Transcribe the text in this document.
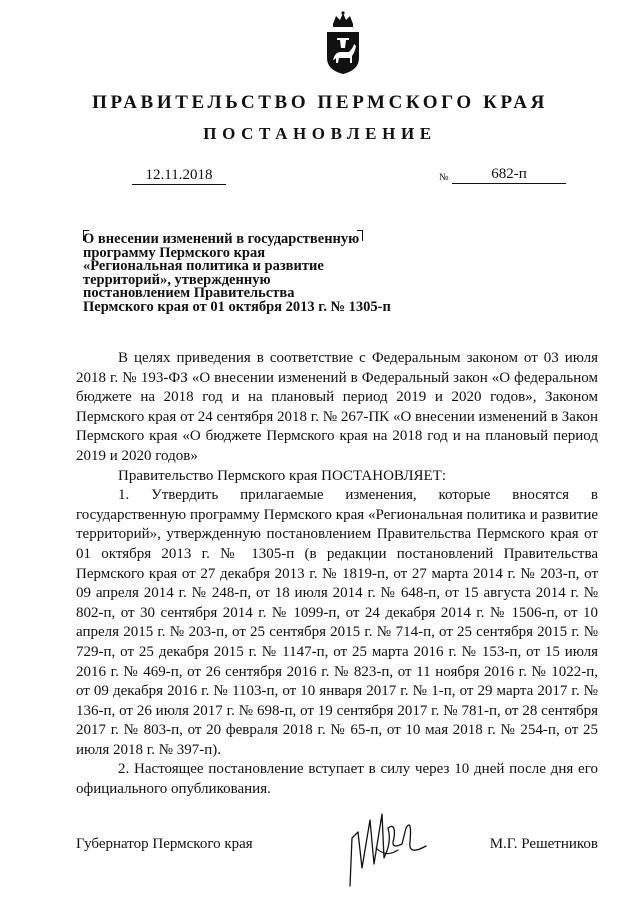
ПРАВИТЕЛЬСТВО ПЕРМСКОГО КРАЯ
ПОСТАНОВЛЕНИЕ
12.11.2018	№	682-п
О внесении изменений в государственную
программу Пермского края
«Региональная политика и развитие
территорий», утвержденную
постановлением Правительства
Пермского края от 01 октября 2013 г. № 1305-п

В целях приведения в соответствие с Федеральным законом от 03 июля 2018 г. № 193-ФЗ «О внесении изменений в Федеральный закон «О федеральном бюджете на 2018 год и на плановый период 2019 и 2020 годов», Законом Пермского края от 24 сентября 2018 г. № 267-ПК «О внесении изменений в Закон Пермского края «О бюджете Пермского края на 2018 год и на плановый период 2019 и 2020 годов»

Правительство Пермского края ПОСТАНОВЛЯЕТ:

1. Утвердить прилагаемые изменения, которые вносятся в государственную программу Пермского края «Региональная политика и развитие территорий», утвержденную постановлением Правительства Пермского края от 01 октября 2013 г. № 1305-п (в редакции постановлений Правительства Пермского края от 27 декабря 2013 г. № 1819-п, от 27 марта 2014 г. № 203-п, от 09 апреля 2014 г. № 248-п, от 18 июля 2014 г. № 648-п, от 15 августа 2014 г. № 802-п, от 30 сентября 2014 г. № 1099-п, от 24 декабря 2014 г. № 1506-п, от 10 апреля 2015 г. № 203-п, от 25 сентября 2015 г. № 714-п, от 25 сентября 2015 г. № 729-п, от 25 декабря 2015 г. № 1147-п, от 25 марта 2016 г. № 153-п, от 15 июля 2016 г. № 469-п, от 26 сентября 2016 г. № 823-п, от 11 ноября 2016 г. № 1022-п, от 09 декабря 2016 г. № 1103-п, от 10 января 2017 г. № 1-п, от 29 марта 2017 г. № 136-п, от 26 июля 2017 г. № 698-п, от 19 сентября 2017 г. № 781-п, от 28 сентября 2017 г. № 803-п, от 20 февраля 2018 г. № 65-п, от 10 мая 2018 г. № 254-п, от 25 июля 2018 г. № 397-п).

2. Настоящее постановление вступает в силу через 10 дней после дня его официального опубликования.

Губернатор Пермского края	М.Г. Решетников
